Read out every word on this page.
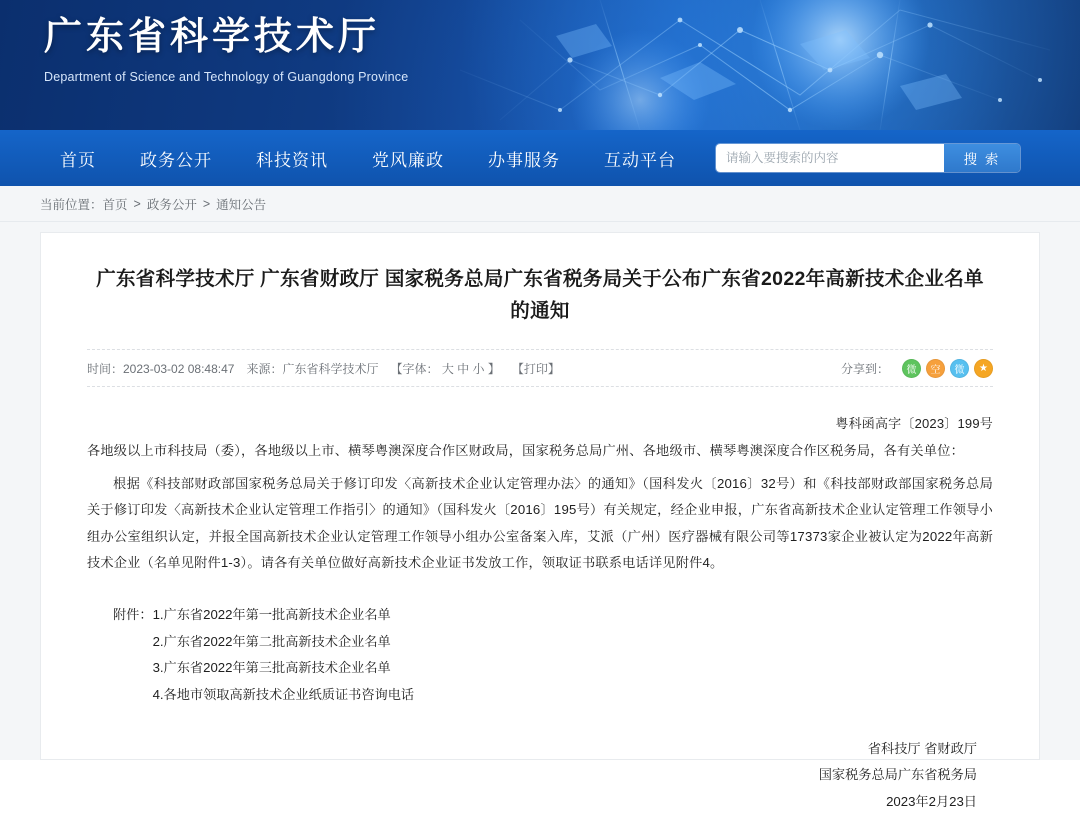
广东省科学技术厅
Department of Science and Technology of Guangdong Province
首页	政务公开	科技资讯	党风廉政	办事服务	互动平台
请输入要搜索的内容	搜 索
当前位置： 首页 > 政务公开 > 通知公告
广东省科学技术厅 广东省财政厅 国家税务总局广东省税务局关于公布广东省2022年高新技术企业名单的通知
时间：2023-03-02 08:48:47 来源：广东省科学技术厅 【字体： 大 中 小 】 【打印】	分享到：	微	空	微	★
粤科函高字〔2023〕199号
各地级以上市科技局（委），各地级以上市、横琴粤澳深度合作区财政局，国家税务总局广州、各地级市、横琴粤澳深度合作区税务局，各有关单位：
根据《科技部财政部国家税务总局关于修订印发〈高新技术企业认定管理办法〉的通知》（国科发火〔2016〕32号）和《科技部财政部国家税务总局关于修订印发〈高新技术企业认定管理工作指引〉的通知》（国科发火〔2016〕195号）有关规定，经企业申报，广东省高新技术企业认定管理工作领导小组办公室组织认定，并报全国高新技术企业认定管理工作领导小组办公室备案入库，艾派（广州）医疗器械有限公司等17373家企业被认定为2022年高新技术企业（名单见附件1-3）。请各有关单位做好高新技术企业证书发放工作，领取证书联系电话详见附件4。
附件： 1.广东省2022年第一批高新技术企业名单
2.广东省2022年第二批高新技术企业名单
3.广东省2022年第三批高新技术企业名单
4.各地市领取高新技术企业纸质证书咨询电话
省科技厅 省财政厅
国家税务总局广东省税务局
2023年2月23日
